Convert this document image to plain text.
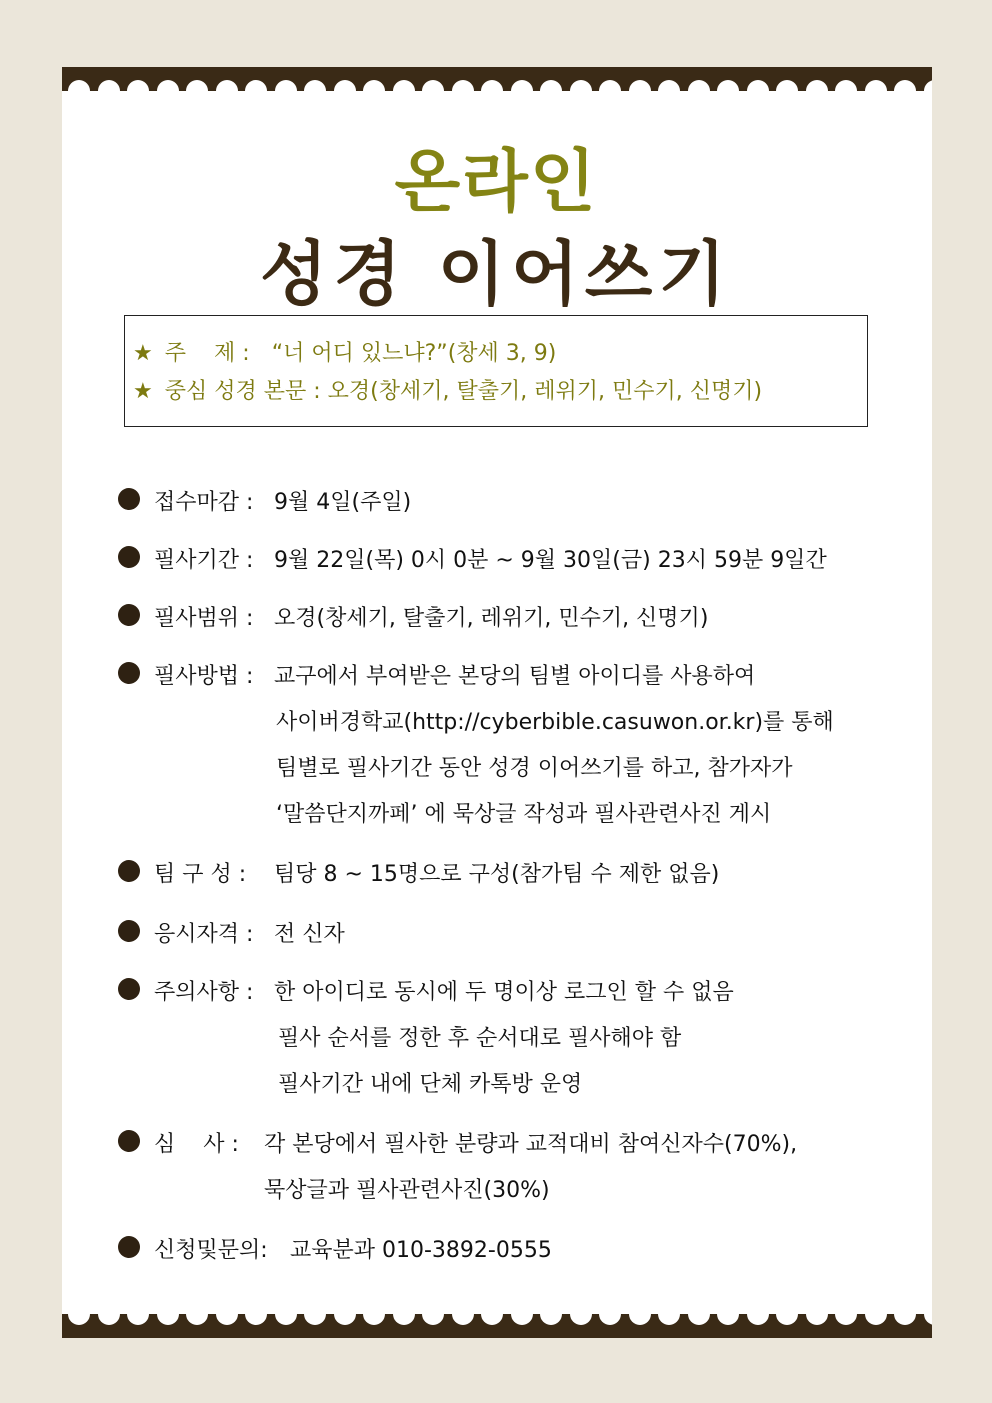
온라인
성경 이어쓰기
★ 주    제 : “너 어디 있느냐?”(창세 3, 9)
★ 중심 성경 본문 : 오경(창세기, 탈출기, 레위기, 민수기, 신명기)
접수마감 : 9월 4일(주일)
필사기간 : 9월 22일(목) 0시 0분 ~ 9월 30일(금) 23시 59분 9일간
필사범위 : 오경(창세기, 탈출기, 레위기, 민수기, 신명기)
필사방법 : 교구에서 부여받은 본당의 팀별 아이디를 사용하여
사이버경학교(http://cyberbible.casuwon.or.kr)를 통해
팀별로 필사기간 동안 성경 이어쓰기를 하고, 참가자가
‘말씀단지까페’ 에 묵상글 작성과 필사관련사진 게시
팀 구 성 : 팀당 8 ~ 15명으로 구성(참가팀 수 제한 없음)
응시자격 : 전 신자
주의사항 : 한 아이디로 동시에 두 명이상 로그인 할 수 없음
필사 순서를 정한 후 순서대로 필사해야 함
필사기간 내에 단체 카톡방 운영
심    사 : 각 본당에서 필사한 분량과 교적대비 참여신자수(70%),
묵상글과 필사관련사진(30%)
신청및문의: 교육분과 010-3892-0555
